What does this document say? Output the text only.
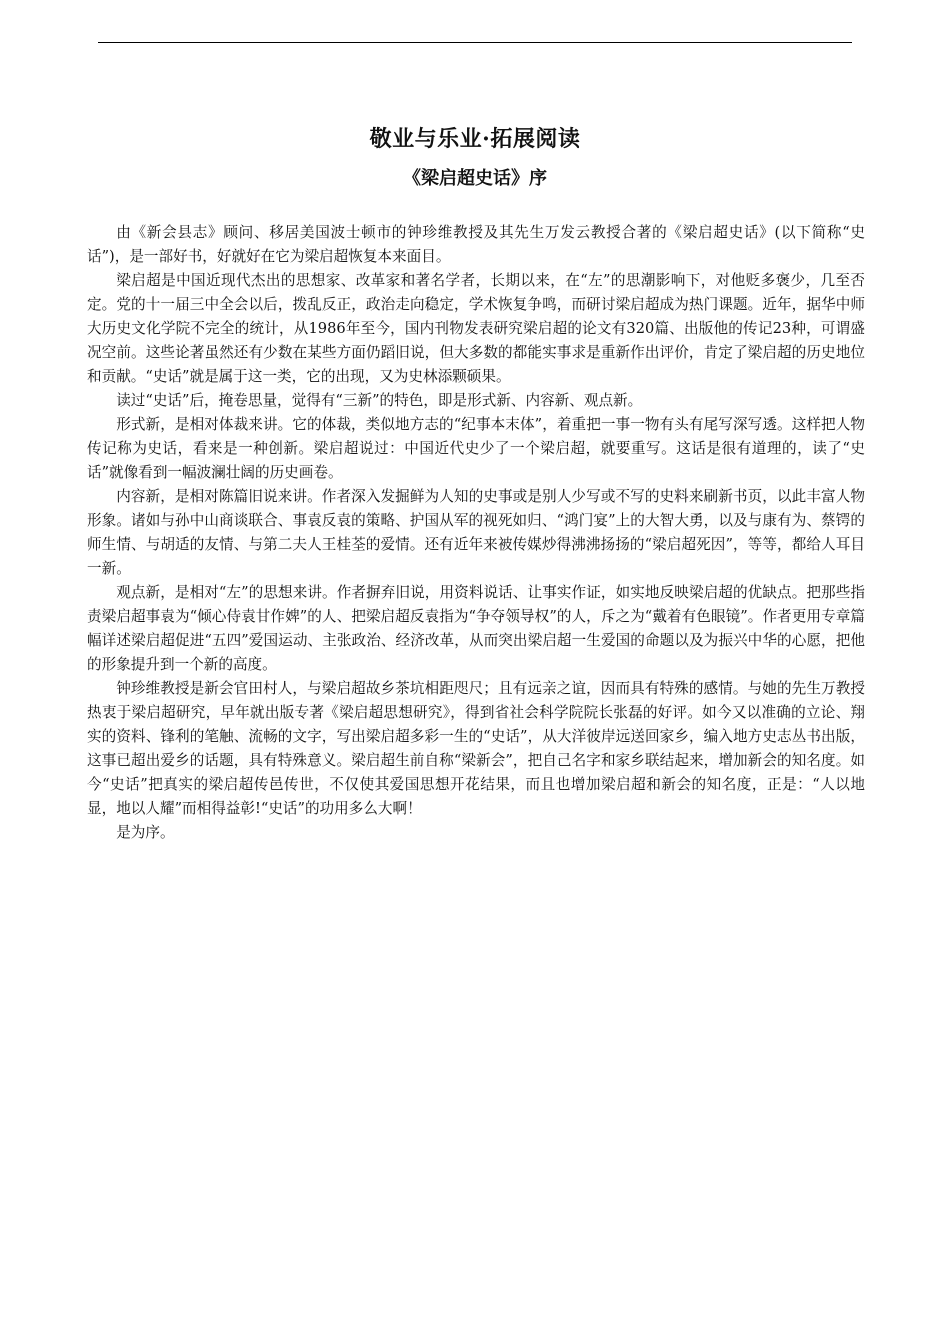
敬业与乐业·拓展阅读
《梁启超史话》序

由《新会县志》顾问、移居美国波士顿市的钟珍维教授及其先生万发云教授合著的《梁启超史话》(以下简称“史话”)，是一部好书，好就好在它为梁启超恢复本来面目。

梁启超是中国近现代杰出的思想家、改革家和著名学者，长期以来，在“左”的思潮影响下，对他贬多褒少，几至否定。党的十一届三中全会以后，拨乱反正，政治走向稳定，学术恢复争鸣，而研讨梁启超成为热门课题。近年，据华中师大历史文化学院不完全的统计，从1986年至今，国内刊物发表研究梁启超的论文有320篇、出版他的传记23种，可谓盛况空前。这些论著虽然还有少数在某些方面仍蹈旧说，但大多数的都能实事求是重新作出评价，肯定了梁启超的历史地位和贡献。“史话”就是属于这一类，它的出现，又为史林添颗硕果。

读过“史话”后，掩卷思量，觉得有“三新”的特色，即是形式新、内容新、观点新。

形式新，是相对体裁来讲。它的体裁，类似地方志的“纪事本末体”，着重把一事一物有头有尾写深写透。这样把人物传记称为史话，看来是一种创新。梁启超说过：中国近代史少了一个梁启超，就要重写。这话是很有道理的，读了“史话”就像看到一幅波澜壮阔的历史画卷。

内容新，是相对陈篇旧说来讲。作者深入发掘鲜为人知的史事或是别人少写或不写的史料来刷新书页，以此丰富人物形象。诸如与孙中山商谈联合、事袁反袁的策略、护国从军的视死如归、“鸿门宴”上的大智大勇，以及与康有为、蔡锷的师生情、与胡适的友情、与第二夫人王桂荃的爱情。还有近年来被传媒炒得沸沸扬扬的“梁启超死因”，等等，都给人耳目一新。

观点新，是相对“左”的思想来讲。作者摒弃旧说，用资料说话、让事实作证，如实地反映梁启超的优缺点。把那些指责梁启超事袁为“倾心侍袁甘作婢”的人、把梁启超反袁指为“争夺领导权”的人，斥之为“戴着有色眼镜”。作者更用专章篇幅详述梁启超促进“五四”爱国运动、主张政治、经济改革，从而突出梁启超一生爱国的命题以及为振兴中华的心愿，把他的形象提升到一个新的高度。

钟珍维教授是新会官田村人，与梁启超故乡茶坑相距咫尺；且有远亲之谊，因而具有特殊的感情。与她的先生万教授热衷于梁启超研究，早年就出版专著《梁启超思想研究》，得到省社会科学院院长张磊的好评。如今又以准确的立论、翔实的资料、锋利的笔触、流畅的文字，写出梁启超多彩一生的“史话”，从大洋彼岸远送回家乡，编入地方史志丛书出版，这事已超出爱乡的话题，具有特殊意义。梁启超生前自称“梁新会”，把自己名字和家乡联结起来，增加新会的知名度。如今“史话”把真实的梁启超传邑传世，不仅使其爱国思想开花结果，而且也增加梁启超和新会的知名度，正是：“人以地显，地以人耀”而相得益彰!“史话”的功用多么大啊！

是为序。
